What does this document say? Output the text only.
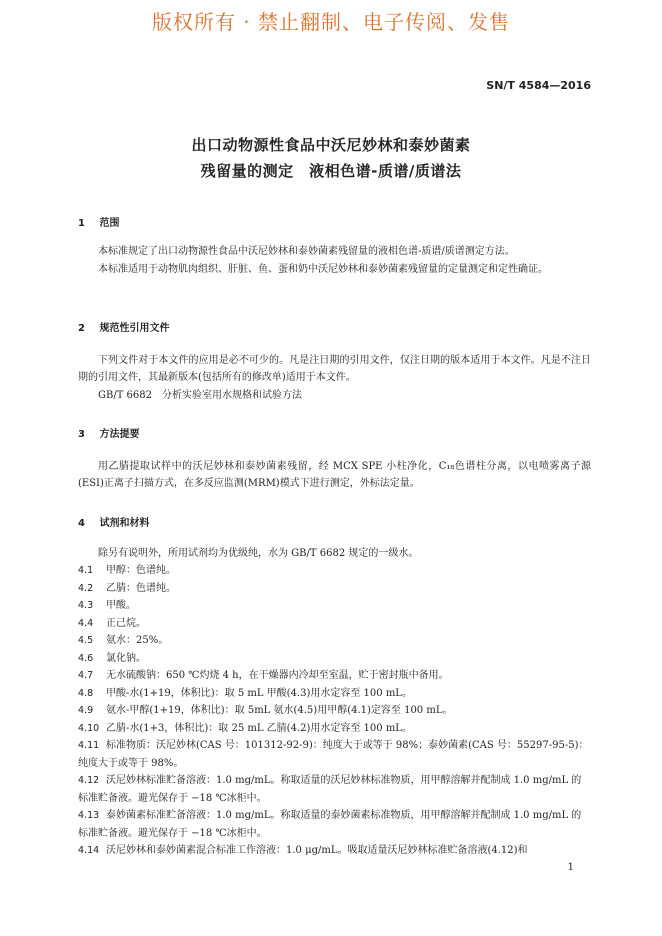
版权所有 · 禁止翻制、电子传阅、发售
SN/T 4584—2016
出口动物源性食品中沃尼妙林和泰妙菌素
残留量的测定　液相色谱-质谱/质谱法
1 范围
本标准规定了出口动物源性食品中沃尼妙林和泰妙菌素残留量的液相色谱-质谱/质谱测定方法。
本标准适用于动物肌肉组织、肝脏、鱼、蛋和奶中沃尼妙林和泰妙菌素残留量的定量测定和定性确证。
2 规范性引用文件
下列文件对于本文件的应用是必不可少的。凡是注日期的引用文件，仅注日期的版本适用于本文件。凡是不注日期的引用文件，其最新版本(包括所有的修改单)适用于本文件。
GB/T 6682　分析实验室用水规格和试验方法
3 方法提要
用乙腈提取试样中的沃尼妙林和泰妙菌素残留，经 MCX SPE 小柱净化，C₁₈色谱柱分离，以电喷雾离子源(ESI)正离子扫描方式，在多反应监测(MRM)模式下进行测定，外标法定量。
4 试剂和材料
除另有说明外，所用试剂均为优级纯，水为 GB/T 6682 规定的一级水。
4.1 甲醇：色谱纯。
4.2 乙腈：色谱纯。
4.3 甲酸。
4.4 正己烷。
4.5 氨水：25%。
4.6 氯化钠。
4.7 无水硫酸钠：650 ℃灼烧 4 h，在干燥器内冷却至室温，贮于密封瓶中备用。
4.8 甲酸-水(1+19，体积比)：取 5 mL 甲酸(4.3)用水定容至 100 mL。
4.9 氨水-甲醇(1+19，体积比)：取 5mL 氨水(4.5)用甲醇(4.1)定容至 100 mL。
4.10 乙腈-水(1+3，体积比)：取 25 mL 乙腈(4.2)用水定容至 100 mL。
4.11 标准物质：沃尼妙林(CAS 号：101312-92-9)：纯度大于或等于 98%；泰妙菌素(CAS 号：55297-95-5)：纯度大于或等于 98%。
4.12 沃尼妙林标准贮备溶液：1.0 mg/mL。称取适量的沃尼妙林标准物质，用甲醇溶解并配制成 1.0 mg/mL 的标准贮备液。避光保存于 −18 ℃冰柜中。
4.13 泰妙菌素标准贮备溶液：1.0 mg/mL。称取适量的泰妙菌素标准物质，用甲醇溶解并配制成 1.0 mg/mL 的标准贮备液。避光保存于 −18 ℃冰柜中。
4.14 沃尼妙林和泰妙菌素混合标准工作溶液：1.0 μg/mL。吸取适量沃尼妙林标准贮备溶液(4.12)和
1
